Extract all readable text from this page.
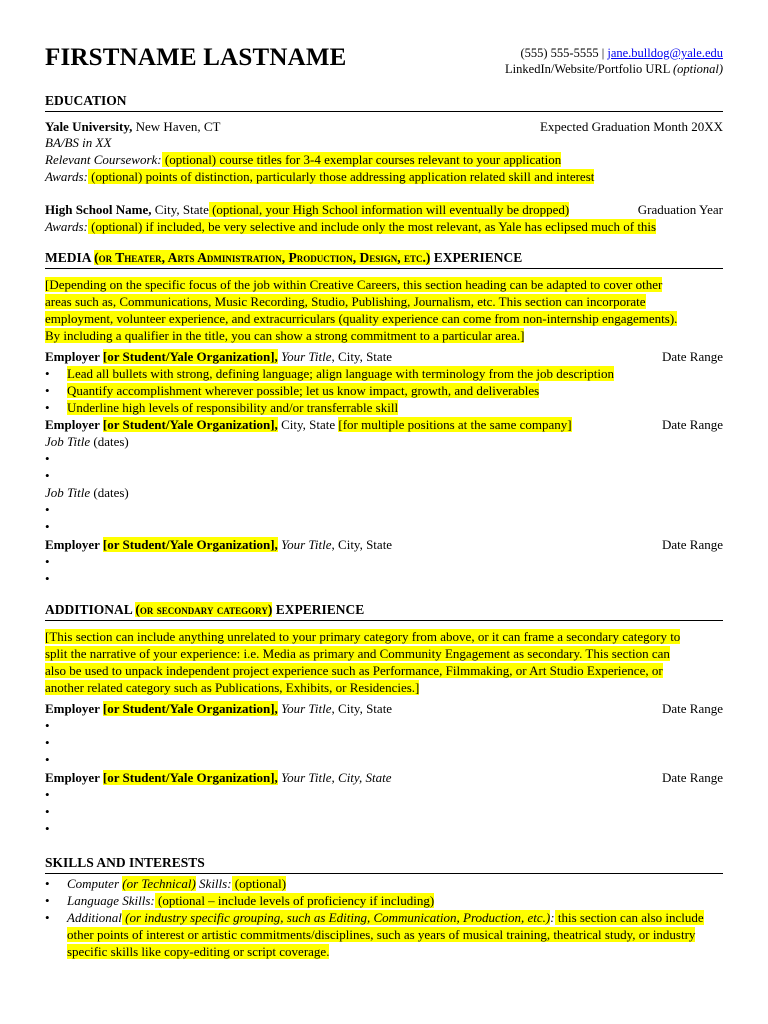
FIRSTNAME LASTNAME	(555) 555-5555 | jane.bulldog@yale.edu
LinkedIn/Website/Portfolio URL (optional)
EDUCATION
Yale University, New Haven, CT	Expected Graduation Month 20XX
BA/BS in XX
Relevant Coursework: (optional) course titles for 3-4 exemplar courses relevant to your application
Awards: (optional) points of distinction, particularly those addressing application related skill and interest
High School Name, City, State (optional, your High School information will eventually be dropped)	Graduation Year
Awards: (optional) if included, be very selective and include only the most relevant, as Yale has eclipsed much of this
MEDIA (or Theater, Arts Administration, Production, Design, etc.) EXPERIENCE
[Depending on the specific focus of the job within Creative Careers, this section heading can be adapted to cover other
areas such as, Communications, Music Recording, Studio, Publishing, Journalism, etc. This section can incorporate
employment, volunteer experience, and extracurriculars (quality experience can come from non-internship engagements).
By including a qualifier in the title, you can show a strong commitment to a particular area.]
Employer [or Student/Yale Organization], Your Title, City, State	Date Range
• Lead all bullets with strong, defining language; align language with terminology from the job description
• Quantify accomplishment wherever possible; let us know impact, growth, and deliverables
• Underline high levels of responsibility and/or transferrable skill
Employer [or Student/Yale Organization], City, State [for multiple positions at the same company]	Date Range
Job Title (dates)
•
•
Job Title (dates)
•
•
Employer [or Student/Yale Organization], Your Title, City, State	Date Range
•
•
ADDITIONAL (or secondary category) EXPERIENCE
[This section can include anything unrelated to your primary category from above, or it can frame a secondary category to
split the narrative of your experience: i.e. Media as primary and Community Engagement as secondary. This section can
also be used to unpack independent project experience such as Performance, Filmmaking, or Art Studio Experience, or
another related category such as Publications, Exhibits, or Residencies.]
Employer [or Student/Yale Organization], Your Title, City, State	Date Range
•
•
•
Employer [or Student/Yale Organization], Your Title, City, State	Date Range
•
•
•
SKILLS AND INTERESTS
• Computer (or Technical) Skills: (optional)
• Language Skills: (optional – include levels of proficiency if including)
•	Additional (or industry specific grouping, such as Editing, Communication, Production, etc.): this section can also include other points of interest or artistic commitments/disciplines, such as years of musical training, theatrical study, or industry specific skills like copy-editing or script coverage.
